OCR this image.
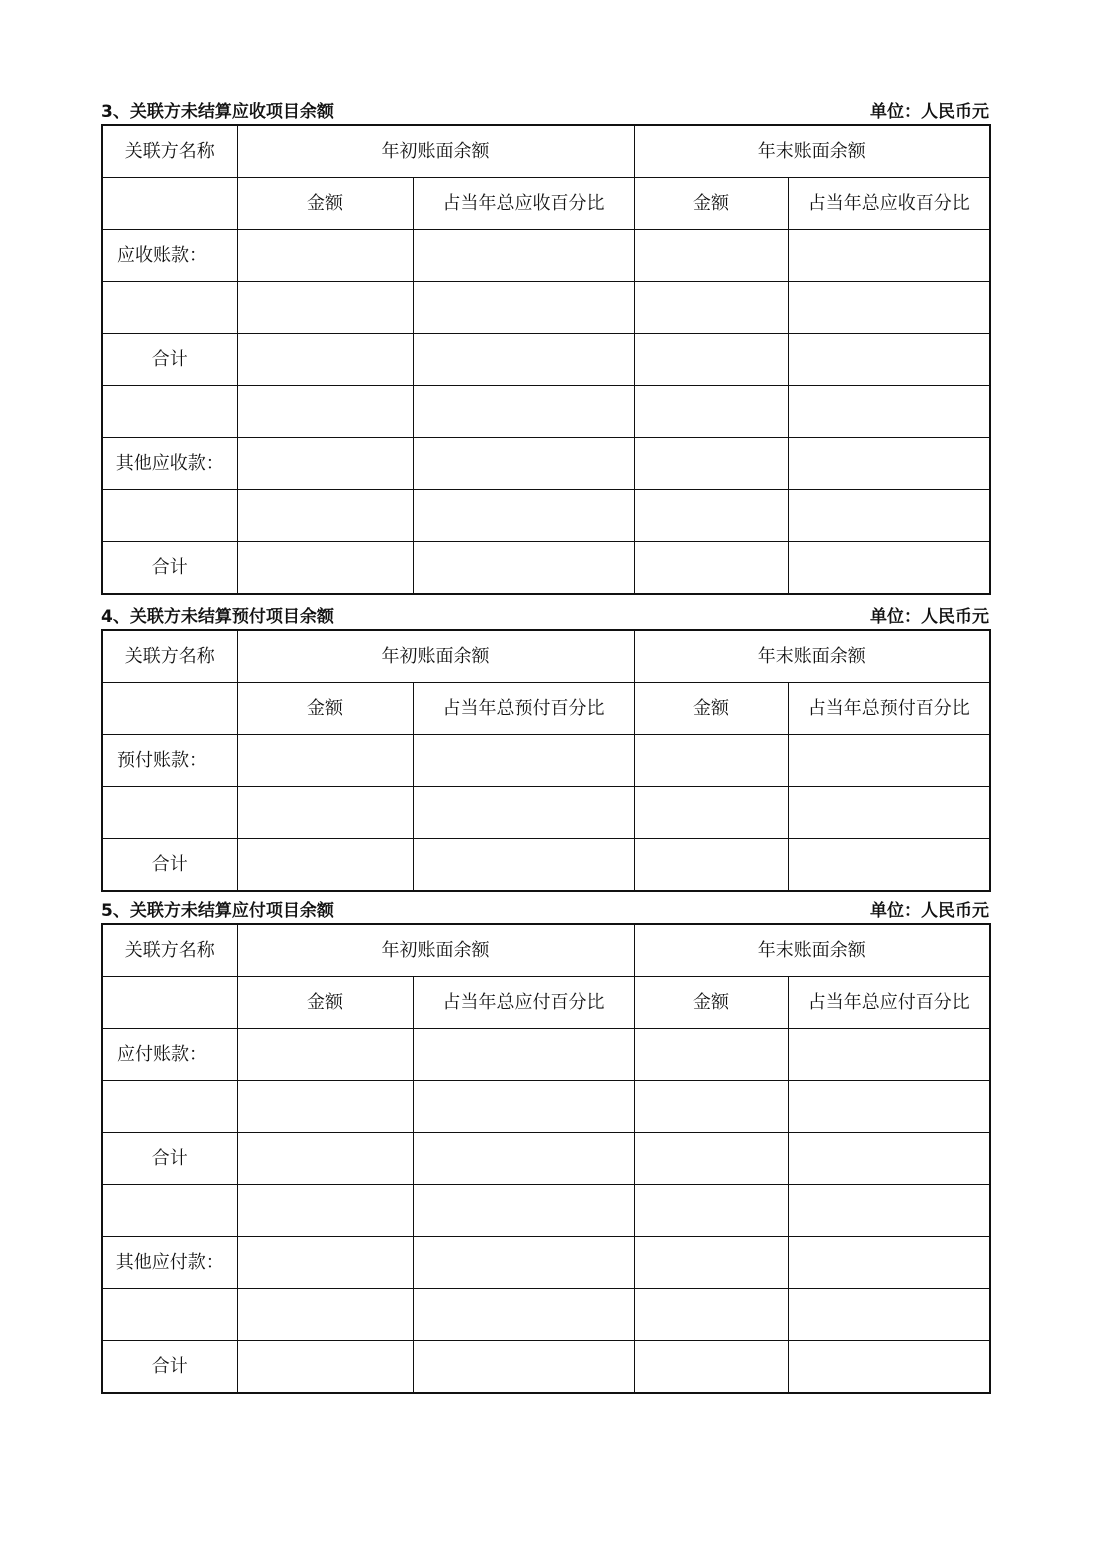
3、关联方未结算应收项目余额	单位：人民币元
关联方名称	年初账面余额		年末账面余额	
	金额	占当年总应收百分比	金额	占当年总应收百分比
应收账款：				

合计				

其他应收款：				

合计				
4、关联方未结算预付项目余额	单位：人民币元
关联方名称	年初账面余额		年末账面余额	
	金额	占当年总预付百分比	金额	占当年总预付百分比
预付账款：				

合计				
5、关联方未结算应付项目余额	单位：人民币元
关联方名称	年初账面余额		年末账面余额	
	金额	占当年总应付百分比	金额	占当年总应付百分比
应付账款：				

合计				

其他应付款：				

合计				
